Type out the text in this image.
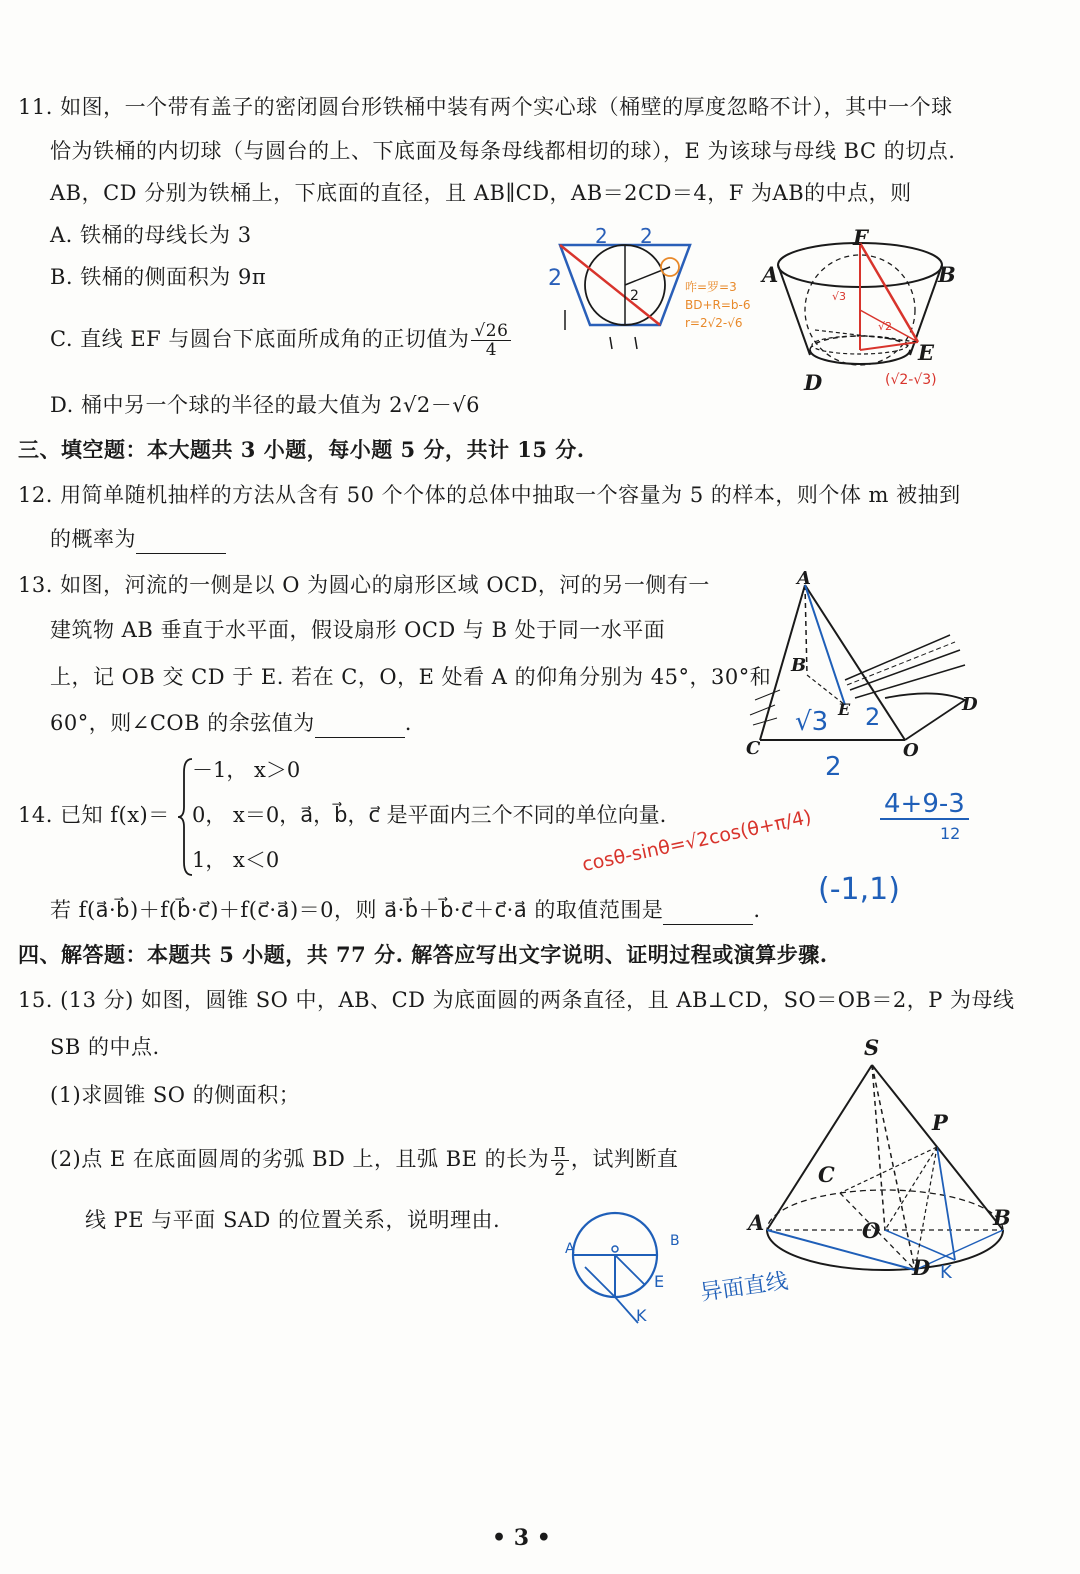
11. 如图，一个带有盖子的密闭圆台形铁桶中装有两个实心球（桶壁的厚度忽略不计），其中一个球
恰为铁桶的内切球（与圆台的上、下底面及每条母线都相切的球），E 为该球与母线 BC 的切点.
AB，CD 分别为铁桶上，下底面的直径，且 AB∥CD，AB＝2CD＝4，F 为AB的中点，则
A. 铁桶的母线长为 3
B. 铁桶的侧面积为 9π
C. 直线 EF 与圆台下底面所成角的正切值为 $\frac{√26}{4}$
D. 桶中另一个球的半径的最大值为 2√2－√6
2
2 2
2
咋=罗=3
BD+R=b-6
r=2√2-√6
√3
√2
F
A	B
D
E
(√2-√3)
三、填空题：本大题共 3 小题，每小题 5 分，共计 15 分.
12. 用简单随机抽样的方法从含有 50 个个体的总体中抽取一个容量为 5 的样本，则个体 m 被抽到
的概率为
13. 如图，河流的一侧是以 O 为圆心的扇形区域 OCD，河的另一侧有一
建筑物 AB 垂直于水平面，假设扇形 OCD 与 B 处于同一水平面
上，记 OB 交 CD 于 E. 若在 C，O，E 处看 A 的仰角分别为 45°，30°和
60°，则∠COB 的余弦值为	.	√3 2
2
A
B
C
E
O
D
－1， x＞0
14. 已知 f(x)＝ 0， x＝0，a⃗，b⃗，c⃗ 是平面内三个不同的单位向量.
1， x＜0
若 f(a⃗·b⃗)＋f(b⃗·c⃗)＋f(c⃗·a⃗)＝0，则 a⃗·b⃗＋b⃗·c⃗＋c⃗·a⃗ 的取值范围是	.
4+9-3
12
cosθ-sinθ=√2cos(θ+π/4)
(-1,1)
四、解答题：本题共 5 小题，共 77 分. 解答应写出文字说明、证明过程或演算步骤.
15. (13 分) 如图，圆锥 SO 中，AB、CD 为底面圆的两条直径，且 AB⊥CD，SO＝OB＝2，P 为母线
SB 的中点.
(1)求圆锥 SO 的侧面积；
(2)点 E 在底面圆周的劣弧 BD 上，且弧 BE 的长为 $\frac{\pi}{2}$ ，试判断直
线 PE 与平面 SAD 的位置关系，说明理由.
S
P
C
O
A	B
D K
A	B
K
E 异面直线
• 3 •
